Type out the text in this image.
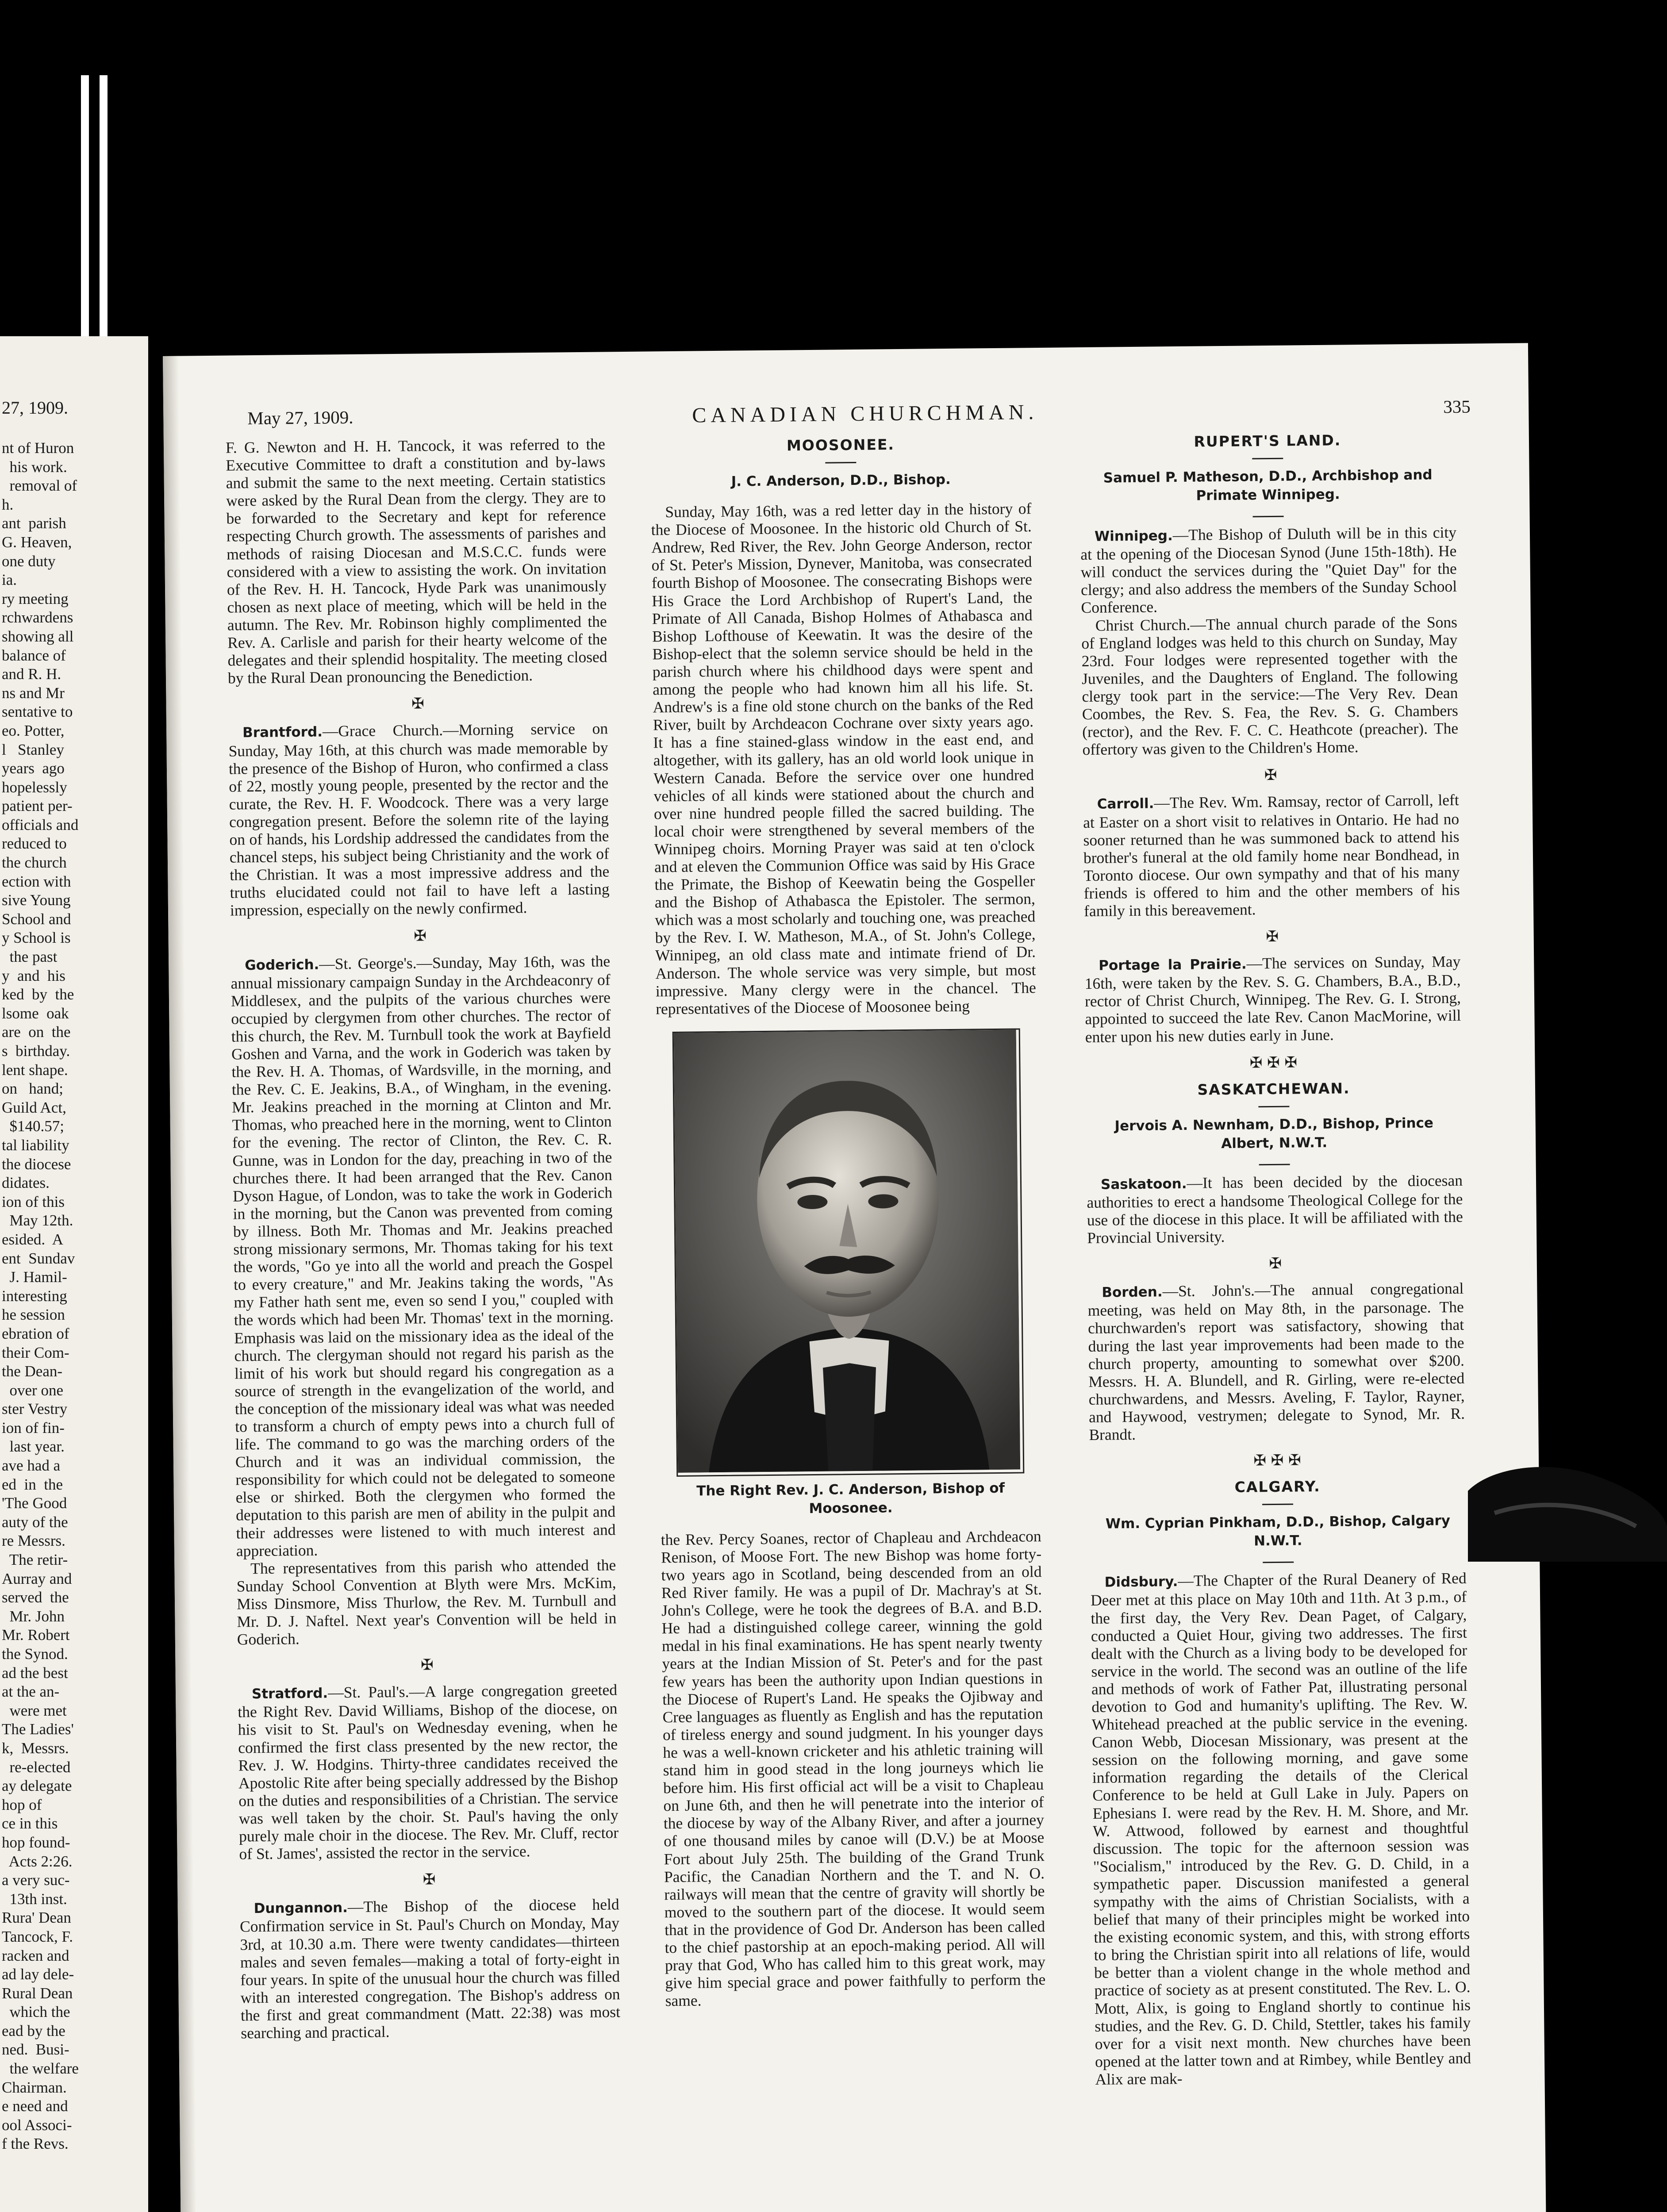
27, 1909.
nt of Huron
his work.
removal of
h.
ant  parish
G. Heaven,
one duty
ia.
ry meeting
rchwardens
showing all
balance of
and R. H.
ns and Mr
sentative to
eo. Potter,
l   Stanley
years  ago
hopelessly
patient per-
officials and
reduced to
the church
ection with
sive Young
School and
y School is
the past
y  and  his
ked  by  the
lsome  oak
are  on  the
s  birthday.
lent shape.
on   hand;
Guild Act,
$140.57;
tal liability
the diocese
didates.
ion of this
May 12th.
esided.  A
ent  Sundav
J. Hamil-
interesting
he session
ebration of
their Com-
the Dean-
over one
ster Vestry
ion of fin-
last year.
ave had a
ed  in  the
'The Good
auty of the
re Messrs.
The retir-
Aurray and
served  the
Mr. John
Mr. Robert
the Synod.
ad the best
at the an-
were met
The Ladies'
k,  Messrs.
re-elected
ay delegate
hop of
ce in this
hop found-
Acts 2:26.
a very suc-
13th inst.
Rura' Dean
Tancock, F.
racken and
ad lay dele-
Rural Dean
which the
ead by the
ned.  Busi-
the welfare
Chairman.
e need and
ool Associ-
f the Revs.
May 27, 1909.	CANADIAN CHURCHMAN.	335

F. G. Newton and H. H. Tancock, it was referred to the Executive Committee to draft a constitution and by-laws and submit the same to the next meeting. Certain statistics were asked by the Rural Dean from the clergy. They are to be forwarded to the Secretary and kept for reference respecting Church growth. The assessments of parishes and methods of raising Diocesan and M.S.C.C. funds were considered with a view to assisting the work. On invitation of the Rev. H. H. Tancock, Hyde Park was unanimously chosen as next place of meeting, which will be held in the autumn. The Rev. Mr. Robinson highly complimented the Rev. A. Carlisle and parish for their hearty welcome of the delegates and their splendid hospitality. The meeting closed by the Rural Dean pronouncing the Benediction.

✠

Brantford.—Grace Church.—Morning service on Sunday, May 16th, at this church was made memorable by the presence of the Bishop of Huron, who confirmed a class of 22, mostly young people, presented by the rector and the curate, the Rev. H. F. Woodcock. There was a very large congregation present. Before the solemn rite of the laying on of hands, his Lordship addressed the candidates from the chancel steps, his subject being Christianity and the work of the Christian. It was a most impressive address and the truths elucidated could not fail to have left a lasting impression, especially on the newly confirmed.

✠

Goderich.—St. George's.—Sunday, May 16th, was the annual missionary campaign Sunday in the Archdeaconry of Middlesex, and the pulpits of the various churches were occupied by clergymen from other churches. The rector of this church, the Rev. M. Turnbull took the work at Bayfield Goshen and Varna, and the work in Goderich was taken by the Rev. H. A. Thomas, of Wardsville, in the morning, and the Rev. C. E. Jeakins, B.A., of Wingham, in the evening. Mr. Jeakins preached in the morning at Clinton and Mr. Thomas, who preached here in the morning, went to Clinton for the evening. The rector of Clinton, the Rev. C. R. Gunne, was in London for the day, preaching in two of the churches there. It had been arranged that the Rev. Canon Dyson Hague, of London, was to take the work in Goderich in the morning, but the Canon was prevented from coming by illness. Both Mr. Thomas and Mr. Jeakins preached strong missionary sermons, Mr. Thomas taking for his text the words, "Go ye into all the world and preach the Gospel to every creature," and Mr. Jeakins taking the words, "As my Father hath sent me, even so send I you," coupled with the words which had been Mr. Thomas' text in the morning. Emphasis was laid on the missionary idea as the ideal of the church. The clergyman should not regard his parish as the limit of his work but should regard his congregation as a source of strength in the evangelization of the world, and the conception of the missionary ideal was what was needed to transform a church of empty pews into a church full of life. The command to go was the marching orders of the Church and it was an individual commission, the responsibility for which could not be delegated to someone else or shirked. Both the clergymen who formed the deputation to this parish are men of ability in the pulpit and their addresses were listened to with much interest and appreciation.

The representatives from this parish who attended the Sunday School Convention at Blyth were Mrs. McKim, Miss Dinsmore, Miss Thurlow, the Rev. M. Turnbull and Mr. D. J. Naftel. Next year's Convention will be held in Goderich.

✠

Stratford.—St. Paul's.—A large congregation greeted the Right Rev. David Williams, Bishop of the diocese, on his visit to St. Paul's on Wednesday evening, when he confirmed the first class presented by the new rector, the Rev. J. W. Hodgins. Thirty-three candidates received the Apostolic Rite after being specially addressed by the Bishop on the duties and responsibilities of a Christian. The service was well taken by the choir. St. Paul's having the only purely male choir in the diocese. The Rev. Mr. Cluff, rector of St. James', assisted the rector in the service.

✠

Dungannon.—The Bishop of the diocese held Confirmation service in St. Paul's Church on Monday, May 3rd, at 10.30 a.m. There were twenty candidates—thirteen males and seven females—making a total of forty-eight in four years. In spite of the unusual hour the church was filled with an interested congregation. The Bishop's address on the first and great commandment (Matt. 22:38) was most searching and practical.

MOOSONEE.
J. C. Anderson, D.D., Bishop.

Sunday, May 16th, was a red letter day in the history of the Diocese of Moosonee. In the historic old Church of St. Andrew, Red River, the Rev. John George Anderson, rector of St. Peter's Mission, Dynever, Manitoba, was consecrated fourth Bishop of Moosonee. The consecrating Bishops were His Grace the Lord Archbishop of Rupert's Land, the Primate of All Canada, Bishop Holmes of Athabasca and Bishop Lofthouse of Keewatin. It was the desire of the Bishop-elect that the solemn service should be held in the parish church where his childhood days were spent and among the people who had known him all his life. St. Andrew's is a fine old stone church on the banks of the Red River, built by Archdeacon Cochrane over sixty years ago. It has a fine stained-glass window in the east end, and altogether, with its gallery, has an old world look unique in Western Canada. Before the service over one hundred vehicles of all kinds were stationed about the church and over nine hundred people filled the sacred building. The local choir were strengthened by several members of the Winnipeg choirs. Morning Prayer was said at ten o'clock and at eleven the Communion Office was said by His Grace the Primate, the Bishop of Keewatin being the Gospeller and the Bishop of Athabasca the Epistoler. The sermon, which was a most scholarly and touching one, was preached by the Rev. I. W. Matheson, M.A., of St. John's College, Winnipeg, an old class mate and intimate friend of Dr. Anderson. The whole service was very simple, but most impressive. Many clergy were in the chancel. The representatives of the Diocese of Moosonee being

The Right Rev. J. C. Anderson, Bishop of Moosonee.

the Rev. Percy Soanes, rector of Chapleau and Archdeacon Renison, of Moose Fort. The new Bishop was home forty-two years ago in Scotland, being descended from an old Red River family. He was a pupil of Dr. Machray's at St. John's College, were he took the degrees of B.A. and B.D. He had a distinguished college career, winning the gold medal in his final examinations. He has spent nearly twenty years at the Indian Mission of St. Peter's and for the past few years has been the authority upon Indian questions in the Diocese of Rupert's Land. He speaks the Ojibway and Cree languages as fluently as English and has the reputation of tireless energy and sound judgment. In his younger days he was a well-known cricketer and his athletic training will stand him in good stead in the long journeys which lie before him. His first official act will be a visit to Chapleau on June 6th, and then he will penetrate into the interior of the diocese by way of the Albany River, and after a journey of one thousand miles by canoe will (D.V.) be at Moose Fort about July 25th. The building of the Grand Trunk Pacific, the Canadian Northern and the T. and N. O. railways will mean that the centre of gravity will shortly be moved to the southern part of the diocese. It would seem that in the providence of God Dr. Anderson has been called to the chief pastorship at an epoch-making period. All will pray that God, Who has called him to this great work, may give him special grace and power faithfully to perform the same.

RUPERT'S LAND.
Samuel P. Matheson, D.D., Archbishop and Primate Winnipeg.

Winnipeg.—The Bishop of Duluth will be in this city at the opening of the Diocesan Synod (June 15th-18th). He will conduct the services during the "Quiet Day" for the clergy; and also address the members of the Sunday School Conference.

Christ Church.—The annual church parade of the Sons of England lodges was held to this church on Sunday, May 23rd. Four lodges were represented together with the Juveniles, and the Daughters of England. The following clergy took part in the service:—The Very Rev. Dean Coombes, the Rev. S. Fea, the Rev. S. G. Chambers (rector), and the Rev. F. C. C. Heathcote (preacher). The offertory was given to the Children's Home.

✠

Carroll.—The Rev. Wm. Ramsay, rector of Carroll, left at Easter on a short visit to relatives in Ontario. He had no sooner returned than he was summoned back to attend his brother's funeral at the old family home near Bondhead, in Toronto diocese. Our own sympathy and that of his many friends is offered to him and the other members of his family in this bereavement.

✠

Portage la Prairie.—The services on Sunday, May 16th, were taken by the Rev. S. G. Chambers, B.A., B.D., rector of Christ Church, Winnipeg. The Rev. G. I. Strong, appointed to succeed the late Rev. Canon MacMorine, will enter upon his new duties early in June.

✠ ✠ ✠
SASKATCHEWAN.
Jervois A. Newnham, D.D., Bishop, Prince Albert, N.W.T.

Saskatoon.—It has been decided by the diocesan authorities to erect a handsome Theological College for the use of the diocese in this place. It will be affiliated with the Provincial University.

✠

Borden.—St. John's.—The annual congregational meeting, was held on May 8th, in the parsonage. The churchwarden's report was satisfactory, showing that during the last year improvements had been made to the church property, amounting to somewhat over $200. Messrs. H. A. Blundell, and R. Girling, were re-elected churchwardens, and Messrs. Aveling, F. Taylor, Rayner, and Haywood, vestrymen; delegate to Synod, Mr. R. Brandt.

✠ ✠ ✠
CALGARY.
Wm. Cyprian Pinkham, D.D., Bishop, Calgary N.W.T.

Didsbury.—The Chapter of the Rural Deanery of Red Deer met at this place on May 10th and 11th. At 3 p.m., of the first day, the Very Rev. Dean Paget, of Calgary, conducted a Quiet Hour, giving two addresses. The first dealt with the Church as a living body to be developed for service in the world. The second was an outline of the life and methods of work of Father Pat, illustrating personal devotion to God and humanity's uplifting. The Rev. W. Whitehead preached at the public service in the evening. Canon Webb, Diocesan Missionary, was present at the session on the following morning, and gave some information regarding the details of the Clerical Conference to be held at Gull Lake in July. Papers on Ephesians I. were read by the Rev. H. M. Shore, and Mr. W. Attwood, followed by earnest and thoughtful discussion. The topic for the afternoon session was "Socialism," introduced by the Rev. G. D. Child, in a sympathetic paper. Discussion manifested a general sympathy with the aims of Christian Socialists, with a belief that many of their principles might be worked into the existing economic system, and this, with strong efforts to bring the Christian spirit into all relations of life, would be better than a violent change in the whole method and practice of society as at present constituted. The Rev. L. O. Mott, Alix, is going to England shortly to continue his studies, and the Rev. G. D. Child, Stettler, takes his family over for a visit next month. New churches have been opened at the latter town and at Rimbey, while Bentley and Alix are mak-
